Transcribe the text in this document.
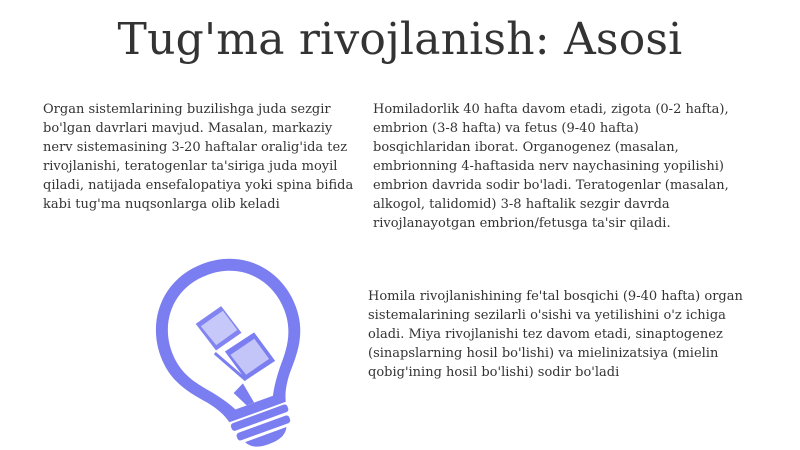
Tug'ma rivojlanish: Asosi

Organ sistemlarining buzilishga juda sezgir bo'lgan davrlari mavjud. Masalan, markaziy nerv sistemasining 3-20 haftalar oralig'ida tez rivojlanishi, teratogenlar ta'siriga juda moyil qiladi, natijada ensefalopatiya yoki spina bifida kabi tug'ma nuqsonlarga olib keladi

Homiladorlik 40 hafta davom etadi, zigota (0-2 hafta), embrion (3-8 hafta) va fetus (9-40 hafta) bosqichlaridan iborat. Organogenez (masalan, embrionning 4-haftasida nerv naychasining yopilishi) embrion davrida sodir bo'ladi. Teratogenlar (masalan, alkogol, talidomid) 3-8 haftalik sezgir davrda rivojlanayotgan embrion/fetusga ta'sir qiladi.

Homila rivojlanishining fe'tal bosqichi (9-40 hafta) organ sistemalarining sezilarli o'sishi va yetilishini o'z ichiga oladi. Miya rivojlanishi tez davom etadi, sinaptogenez (sinapslarning hosil bo'lishi) va mielinizatsiya (mielin qobig'ining hosil bo'lishi) sodir bo'ladi
